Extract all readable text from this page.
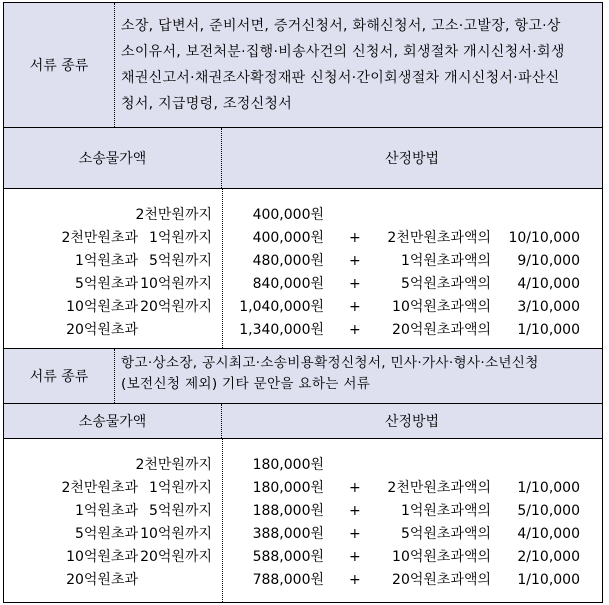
서류 종류
소장, 답변서, 준비서면, 증거신청서, 화해신청서, 고소·고발장, 항고·상
소이유서, 보전처분·집행·비송사건의 신청서, 회생절차 개시신청서·회생
채권신고서·채권조사확정재판 신청서·간이회생절차 개시신청서·파산신
청서, 지급명령, 조정신청서
소송물가액	산정방법
2천만원까지	400,000원
2천만원초과 1억원까지	400,000원 + 2천만원초과액의 10/10,000
1억원초과 5억원까지	480,000원 +	1억원초과액의 9/10,000
5억원초과 10억원까지	840,000원 +	5억원초과액의 4/10,000
10억원초과 20억원까지 1,040,000원 + 10억원초과액의 3/10,000
20억원초과	1,340,000원 + 20억원초과액의 1/10,000
서류 종류
항고·상소장, 공시최고·소송비용확정신청서, 민사·가사·형사·소년신청
(보전신청 제외) 기타 문안을 요하는 서류
소송물가액	산정방법
2천만원까지	180,000원
2천만원초과 1억원까지	180,000원 + 2천만원초과액의 1/10,000
1억원초과 5억원까지	188,000원 +	1억원초과액의 5/10,000
5억원초과 10억원까지	388,000원 +	5억원초과액의 4/10,000
10억원초과 20억원까지	588,000원 + 10억원초과액의 2/10,000
20억원초과	788,000원 + 20억원초과액의 1/10,000
